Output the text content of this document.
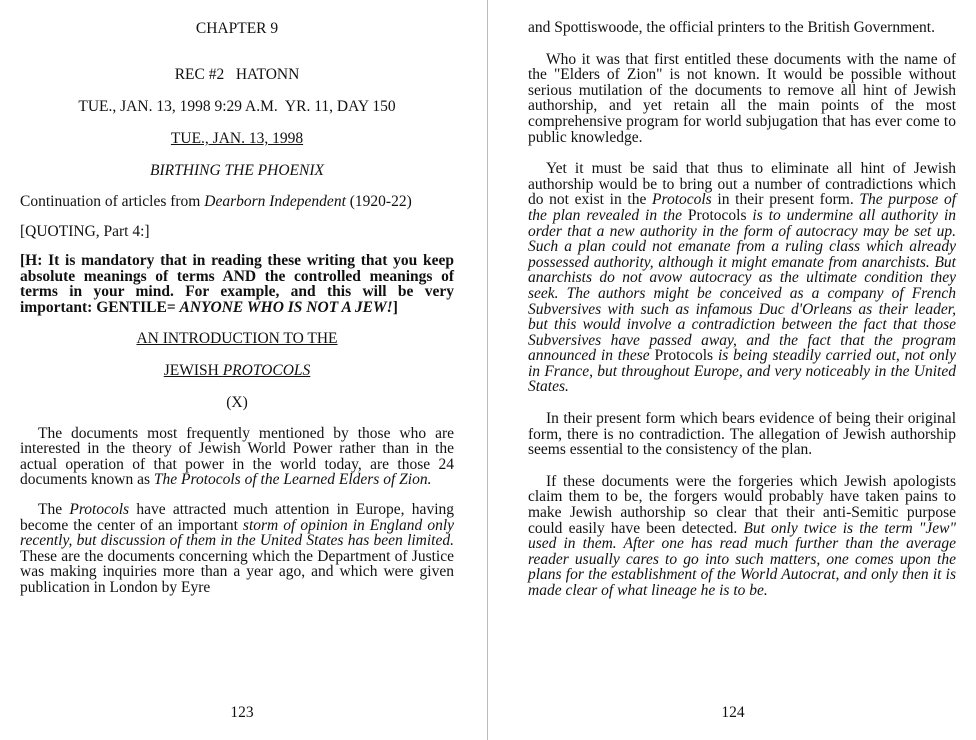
CHAPTER 9
REC #2   HATONN
TUE., JAN. 13, 1998 9:29 A.M.  YR. 11, DAY 150
TUE., JAN. 13, 1998
BIRTHING THE PHOENIX

Continuation of articles from Dearborn Independent (1920-22)

[QUOTING, Part 4:]

[H: It is mandatory that in reading these writing that you keep absolute meanings of terms AND the controlled meanings of terms in your mind. For example, and this will be very important: GENTILE= ANYONE WHO IS NOT A JEW!]

AN INTRODUCTION TO THE
JEWISH PROTOCOLS
(X)

The documents most frequently mentioned by those who are interested in the theory of Jewish World Power rather than in the actual operation of that power in the world today, are those 24 documents known as The Protocols of the Learned Elders of Zion.

The Protocols have attracted much attention in Europe, having become the center of an important storm of opinion in England only recently, but discussion of them in the United States has been limited. These are the documents concerning which the Department of Justice was making inquiries more than a year ago, and which were given publication in London by Eyre

123

and Spottiswoode, the official printers to the British Government.

Who it was that first entitled these documents with the name of the "Elders of Zion" is not known. It would be possible without serious mutilation of the documents to remove all hint of Jewish authorship, and yet retain all the main points of the most comprehensive program for world subjugation that has ever come to public knowledge.

Yet it must be said that thus to eliminate all hint of Jewish authorship would be to bring out a number of contradictions which do not exist in the Protocols in their present form. The purpose of the plan revealed in the Protocols is to undermine all authority in order that a new authority in the form of autocracy may be set up. Such a plan could not emanate from a ruling class which already possessed authority, although it might emanate from anarchists. But anarchists do not avow autocracy as the ultimate condition they seek. The authors might be conceived as a company of French Subversives with such as infamous Duc d'Orleans as their leader, but this would involve a contradiction between the fact that those Subversives have passed away, and the fact that the program announced in these Protocols is being steadily carried out, not only in France, but throughout Europe, and very noticeably in the United States.

In their present form which bears evidence of being their original form, there is no contradiction. The allegation of Jewish authorship seems essential to the consistency of the plan.

If these documents were the forgeries which Jewish apologists claim them to be, the forgers would probably have taken pains to make Jewish authorship so clear that their anti-Semitic purpose could easily have been detected. But only twice is the term "Jew" used in them. After one has read much further than the average reader usually cares to go into such matters, one comes upon the plans for the establishment of the World Autocrat, and only then it is made clear of what lineage he is to be.

124
